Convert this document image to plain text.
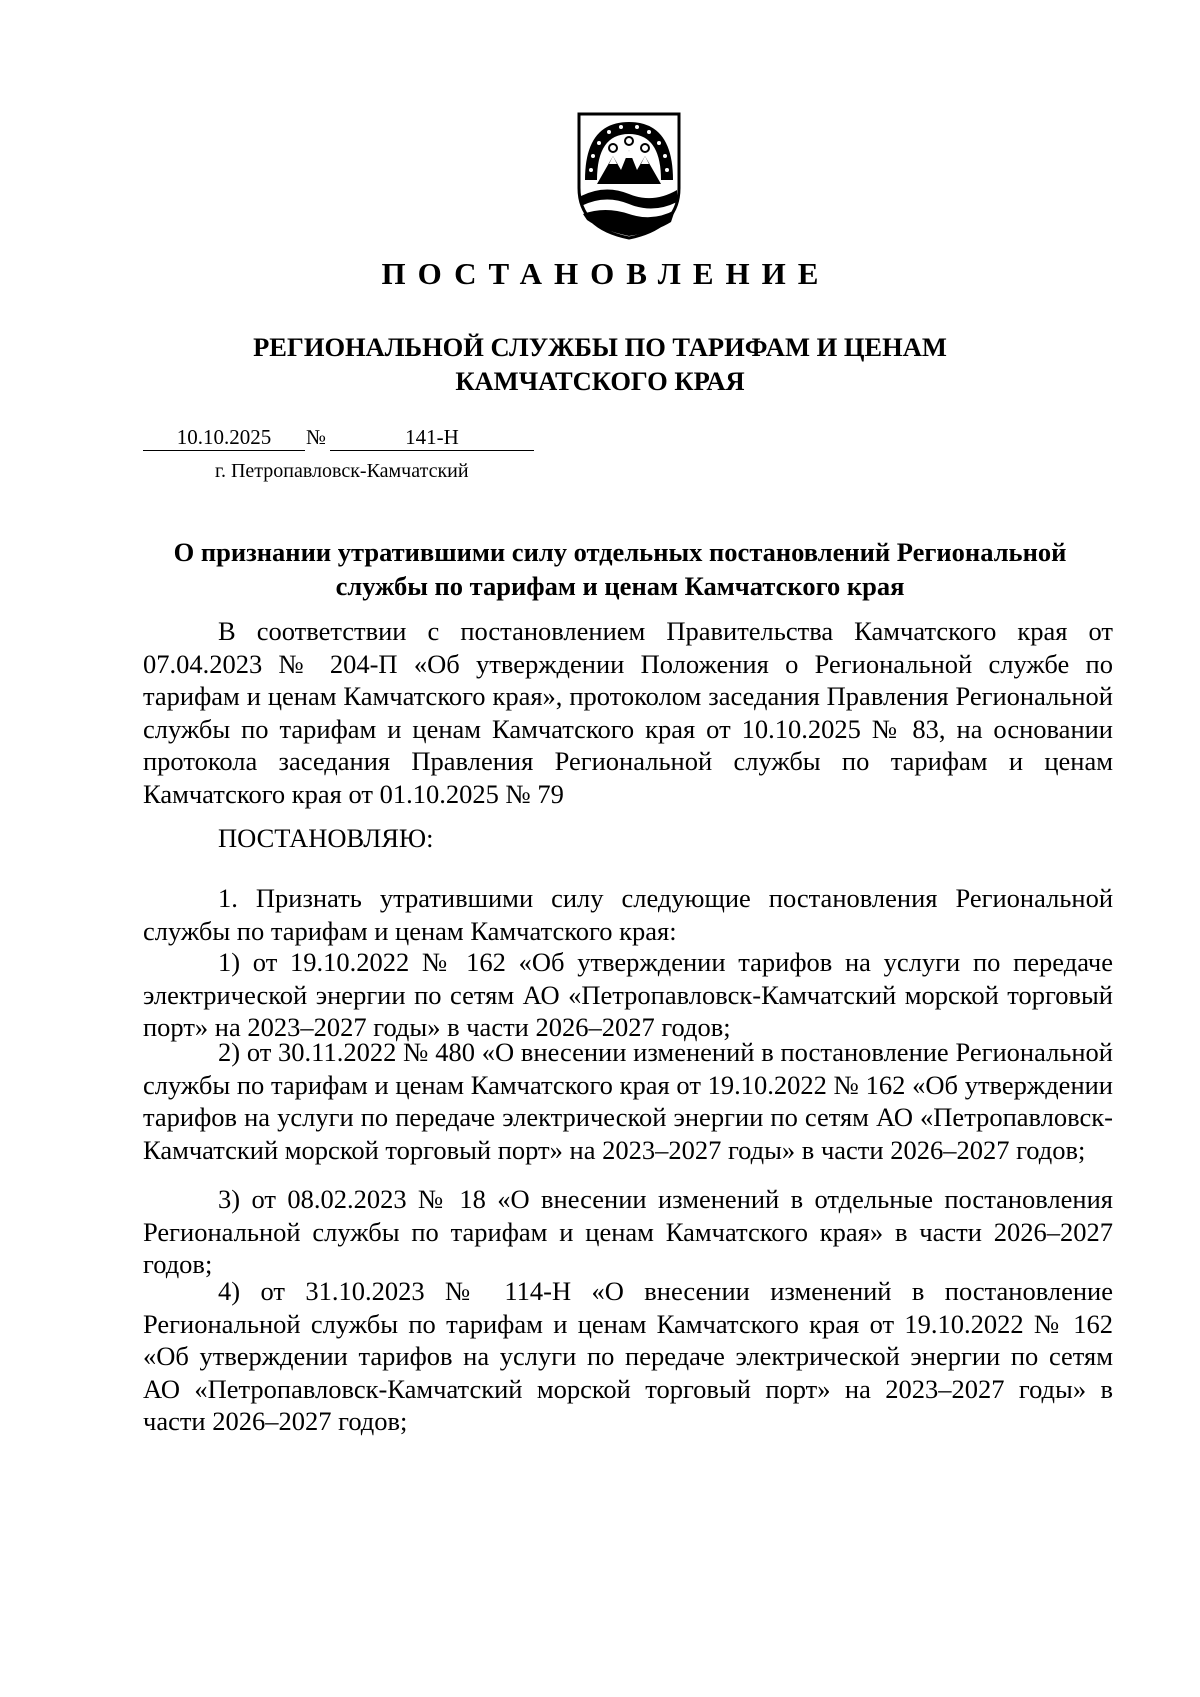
ПОСТАНОВЛЕНИЕ
РЕГИОНАЛЬНОЙ СЛУЖБЫ ПО ТАРИФАМ И ЦЕНАМ
КАМЧАТСКОГО КРАЯ
10.10.2025	№	141-Н
г. Петропавловск-Камчатский
О признании утратившими силу отдельных постановлений Региональной
службы по тарифам и ценам Камчатского края

В соответствии с постановлением Правительства Камчатского края от 07.04.2023 № 204-П «Об утверждении Положения о Региональной службе по тарифам и ценам Камчатского края», протоколом заседания Правления Региональной службы по тарифам и ценам Камчатского края от 10.10.2025 № 83, на основании протокола заседания Правления Региональной службы по тарифам и ценам Камчатского края от 01.10.2025 № 79

ПОСТАНОВЛЯЮ:

1. Признать утратившими силу следующие постановления Региональной службы по тарифам и ценам Камчатского края:

1) от 19.10.2022 № 162 «Об утверждении тарифов на услуги по передаче электрической энергии по сетям АО «Петропавловск-Камчатский морской торговый порт» на 2023–2027 годы» в части 2026–2027 годов;

2) от 30.11.2022 № 480 «О внесении изменений в постановление Региональной службы по тарифам и ценам Камчатского края от 19.10.2022 № 162 «Об утверждении тарифов на услуги по передаче электрической энергии по сетям АО «Петропавловск-Камчатский морской торговый порт» на 2023–2027 годы» в части 2026–2027 годов;

3) от 08.02.2023 № 18 «О внесении изменений в отдельные постановления Региональной службы по тарифам и ценам Камчатского края» в части 2026–2027 годов;

4) от 31.10.2023 № 114-Н «О внесении изменений в постановление Региональной службы по тарифам и ценам Камчатского края от 19.10.2022 № 162 «Об утверждении тарифов на услуги по передаче электрической энергии по сетям АО «Петропавловск-Камчатский морской торговый порт» на 2023–2027 годы» в части 2026–2027 годов;
